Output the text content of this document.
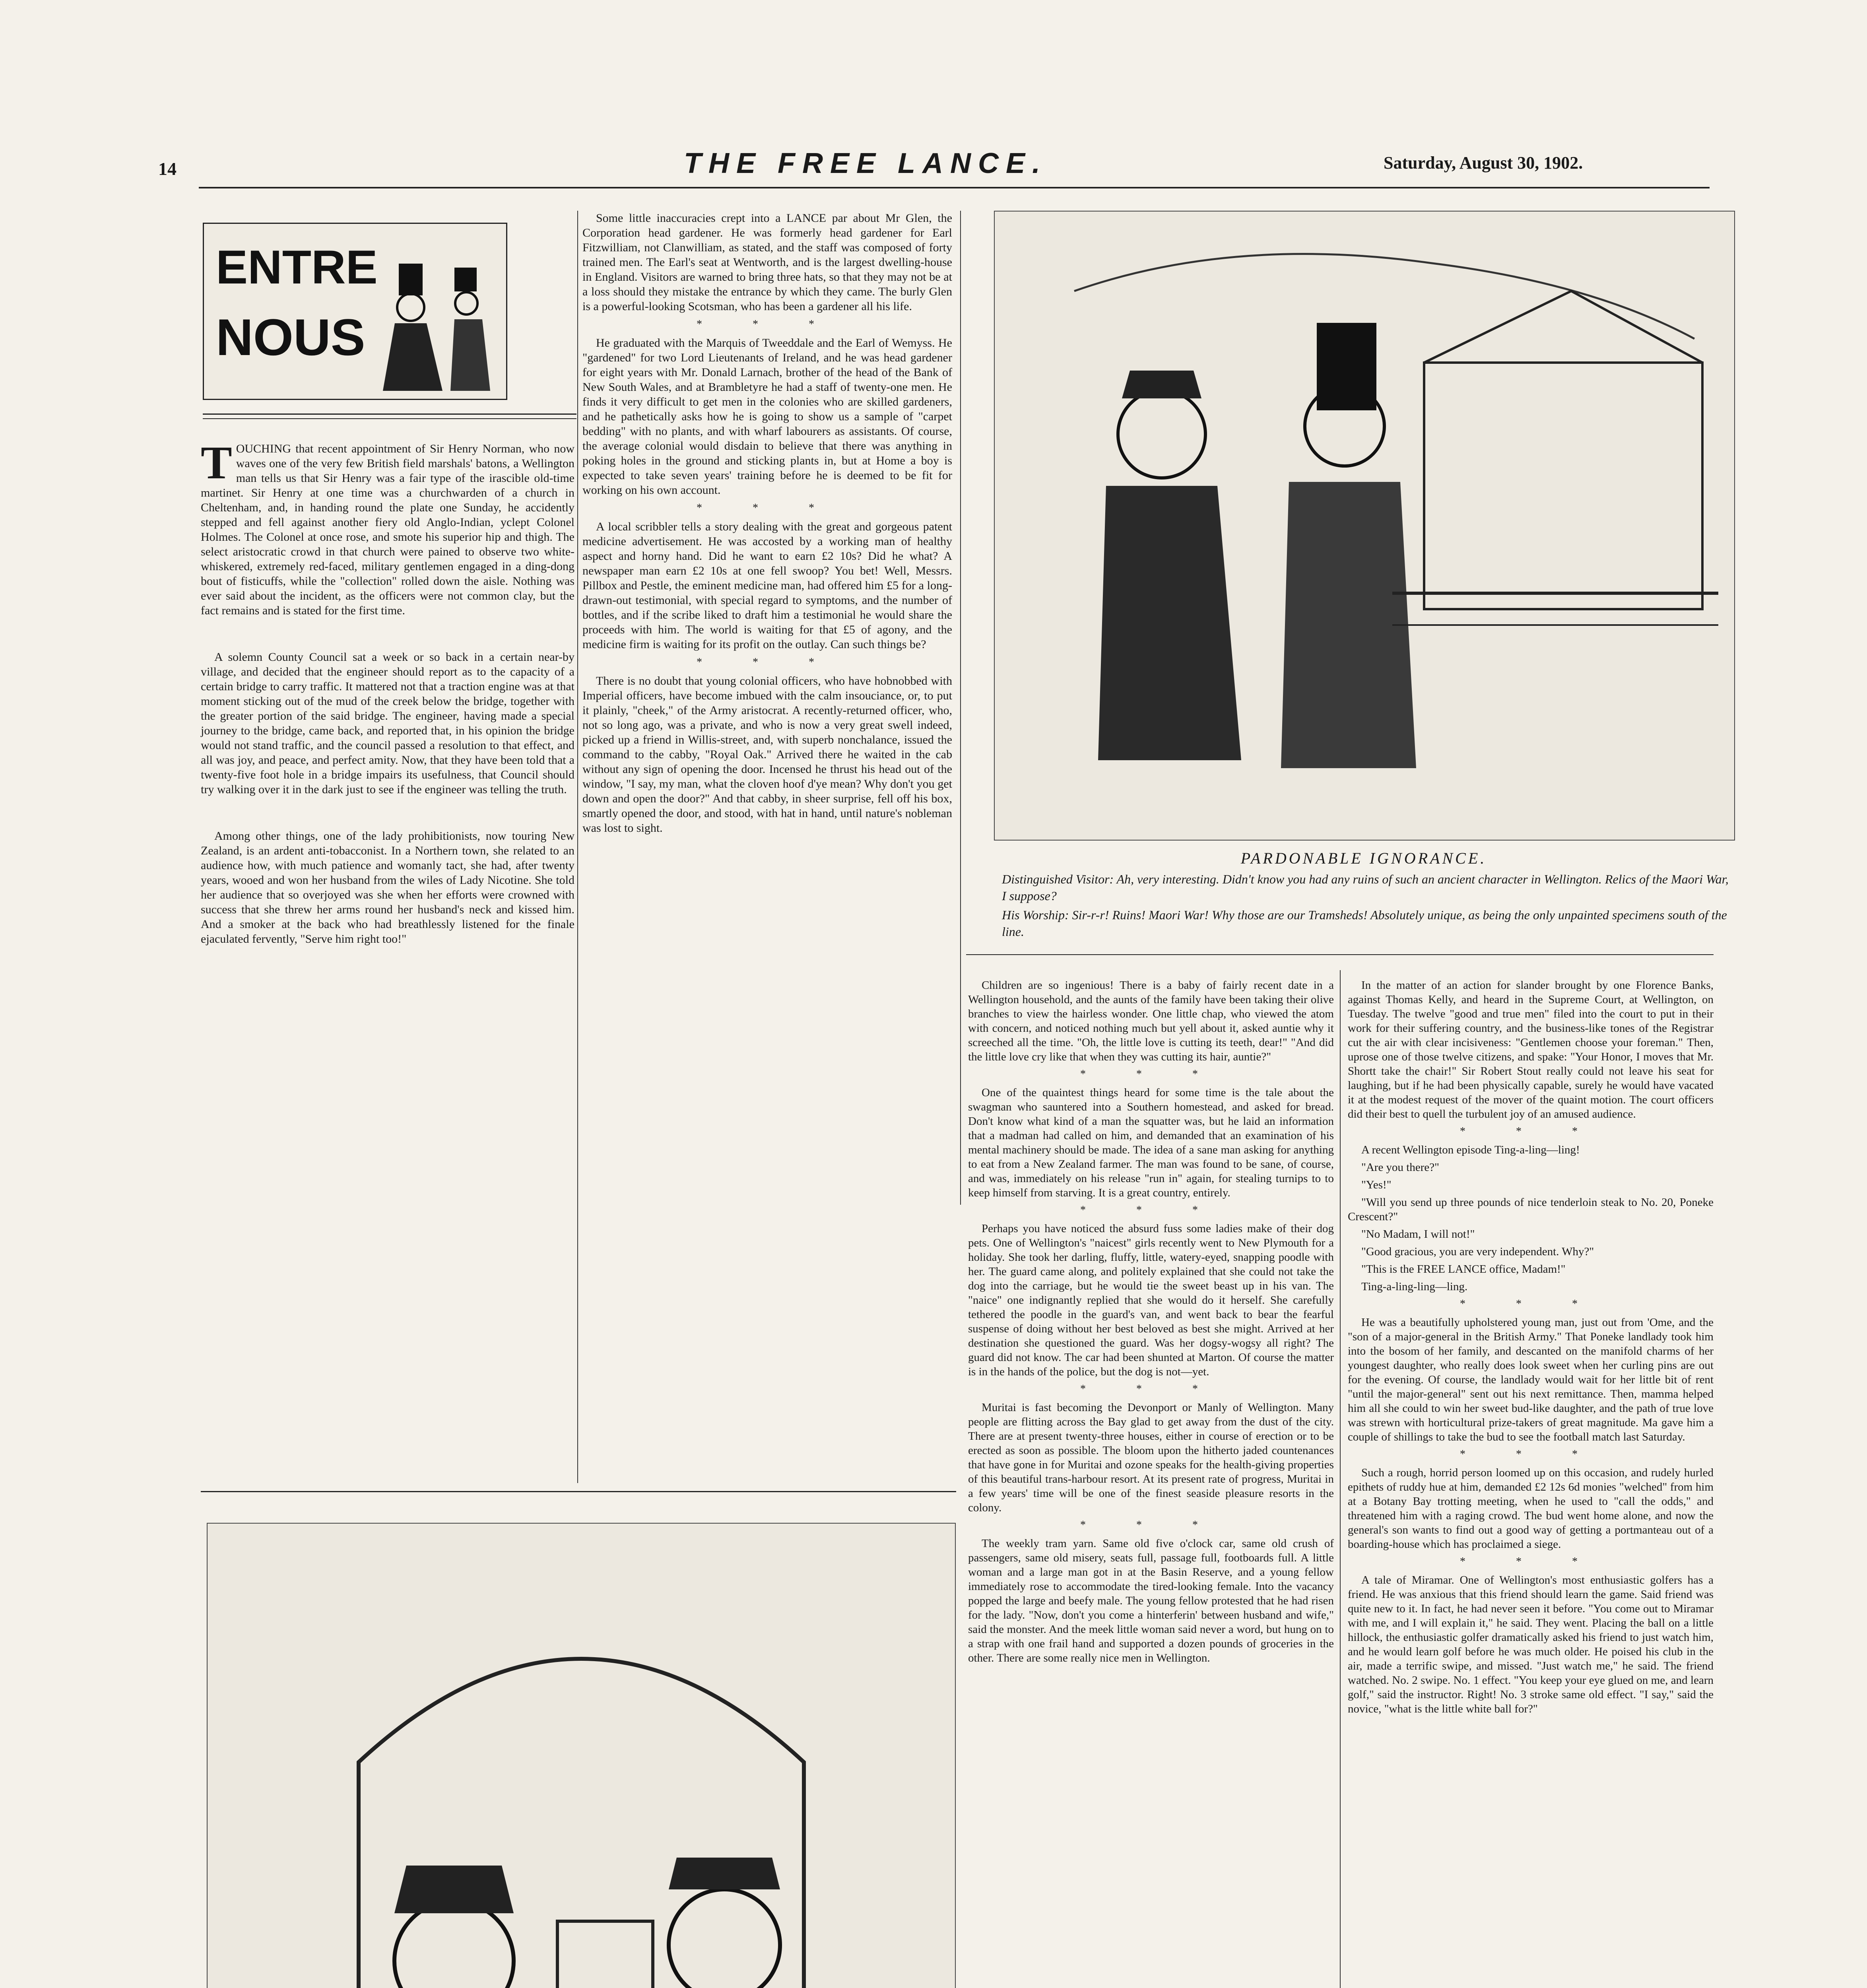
14	THE FREE LANCE.	Saturday, August 30, 1902.
ENTRE
NOUS

TOUCHING that recent appointment of Sir Henry Norman, who now waves one of the very few British field marshals' batons, a Wellington man tells us that Sir Henry was a fair type of the irascible old-time martinet. Sir Henry at one time was a churchwarden of a church in Cheltenham, and, in handing round the plate one Sunday, he accidently stepped and fell against another fiery old Anglo-Indian, yclept Colonel Holmes. The Colonel at once rose, and smote his superior hip and thigh. The select aristocratic crowd in that church were pained to observe two white-whiskered, extremely red-faced, military gentlemen engaged in a ding-dong bout of fisticuffs, while the "collection" rolled down the aisle. Nothing was ever said about the incident, as the officers were not common clay, but the fact remains and is stated for the first time.

A solemn County Council sat a week or so back in a certain near-by village, and decided that the engineer should report as to the capacity of a certain bridge to carry traffic. It mattered not that a traction engine was at that moment sticking out of the mud of the creek below the bridge, together with the greater portion of the said bridge. The engineer, having made a special journey to the bridge, came back, and reported that, in his opinion the bridge would not stand traffic, and the council passed a resolution to that effect, and all was joy, and peace, and perfect amity. Now, that they have been told that a twenty-five foot hole in a bridge impairs its usefulness, that Council should try walking over it in the dark just to see if the engineer was telling the truth.

Among other things, one of the lady prohibitionists, now touring New Zealand, is an ardent anti-tobacconist. In a Northern town, she related to an audience how, with much patience and womanly tact, she had, after twenty years, wooed and won her husband from the wiles of Lady Nicotine. She told her audience that so overjoyed was she when her efforts were crowned with success that she threw her arms round her husband's neck and kissed him. And a smoker at the back who had breathlessly listened for the finale ejaculated fervently, "Serve him right too!"

Some little inaccuracies crept into a LANCE par about Mr Glen, the Corporation head gardener. He was formerly head gardener for Earl Fitzwilliam, not Clanwilliam, as stated, and the staff was composed of forty trained men. The Earl's seat at Wentworth, and is the largest dwelling-house in England. Visitors are warned to bring three hats, so that they may not be at a loss should they mistake the entrance by which they came. The burly Glen is a powerful-looking Scotsman, who has been a gardener all his life.

* * *

He graduated with the Marquis of Tweeddale and the Earl of Wemyss. He "gardened" for two Lord Lieutenants of Ireland, and he was head gardener for eight years with Mr. Donald Larnach, brother of the head of the Bank of New South Wales, and at Brambletyre he had a staff of twenty-one men. He finds it very difficult to get men in the colonies who are skilled gardeners, and he pathetically asks how he is going to show us a sample of "carpet bedding" with no plants, and with wharf labourers as assistants. Of course, the average colonial would disdain to believe that there was anything in poking holes in the ground and sticking plants in, but at Home a boy is expected to take seven years' training before he is deemed to be fit for working on his own account.

* * *

A local scribbler tells a story dealing with the great and gorgeous patent medicine advertisement. He was accosted by a working man of healthy aspect and horny hand. Did he want to earn £2 10s? Did he what? A newspaper man earn £2 10s at one fell swoop? You bet! Well, Messrs. Pillbox and Pestle, the eminent medicine man, had offered him £5 for a long-drawn-out testimonial, with special regard to symptoms, and the number of bottles, and if the scribe liked to draft him a testimonial he would share the proceeds with him. The world is waiting for that £5 of agony, and the medicine firm is waiting for its profit on the outlay. Can such things be?

* * *

There is no doubt that young colonial officers, who have hobnobbed with Imperial officers, have become imbued with the calm insouciance, or, to put it plainly, "cheek," of the Army aristocrat. A recently-returned officer, who, not so long ago, was a private, and who is now a very great swell indeed, picked up a friend in Willis-street, and, with superb nonchalance, issued the command to the cabby, "Royal Oak." Arrived there he waited in the cab without any sign of opening the door. Incensed he thrust his head out of the window, "I say, my man, what the cloven hoof d'ye mean? Why don't you get down and open the door?" And that cabby, in sheer surprise, fell off his box, smartly opened the door, and stood, with hat in hand, until nature's nobleman was lost to sight.

PARDONABLE IGNORANCE.
Distinguished Visitor: Ah, very interesting. Didn't know you had any ruins of such an ancient character in Wellington. Relics of the Maori War, I suppose?
His Worship: Sir-r-r! Ruins! Maori War! Why those are our Tramsheds! Absolutely unique, as being the only unpainted specimens south of the line.

Children are so ingenious! There is a baby of fairly recent date in a Wellington household, and the aunts of the family have been taking their olive branches to view the hairless wonder. One little chap, who viewed the atom with concern, and noticed nothing much but yell about it, asked auntie why it screeched all the time. "Oh, the little love is cutting its teeth, dear!" "And did the little love cry like that when they was cutting its hair, auntie?"

* * *

One of the quaintest things heard for some time is the tale about the swagman who sauntered into a Southern homestead, and asked for bread. Don't know what kind of a man the squatter was, but he laid an information that a madman had called on him, and demanded that an examination of his mental machinery should be made. The idea of a sane man asking for anything to eat from a New Zealand farmer. The man was found to be sane, of course, and was, immediately on his release "run in" again, for stealing turnips to to keep himself from starving. It is a great country, entirely.

* * *

Perhaps you have noticed the absurd fuss some ladies make of their dog pets. One of Wellington's "naicest" girls recently went to New Plymouth for a holiday. She took her darling, fluffy, little, watery-eyed, snapping poodle with her. The guard came along, and politely explained that she could not take the dog into the carriage, but he would tie the sweet beast up in his van. The "naice" one indignantly replied that she would do it herself. She carefully tethered the poodle in the guard's van, and went back to bear the fearful suspense of doing without her best beloved as best she might. Arrived at her destination she questioned the guard. Was her dogsy-wogsy all right? The guard did not know. The car had been shunted at Marton. Of course the matter is in the hands of the police, but the dog is not—yet.

* * *

Muritai is fast becoming the Devonport or Manly of Wellington. Many people are flitting across the Bay glad to get away from the dust of the city. There are at present twenty-three houses, either in course of erection or to be erected as soon as possible. The bloom upon the hitherto jaded countenances that have gone in for Muritai and ozone speaks for the health-giving properties of this beautiful trans-harbour resort. At its present rate of progress, Muritai in a few years' time will be one of the finest seaside pleasure resorts in the colony.

* * *

The weekly tram yarn. Same old five o'clock car, same old crush of passengers, same old misery, seats full, passage full, footboards full. A little woman and a large man got in at the Basin Reserve, and a young fellow immediately rose to accommodate the tired-looking female. Into the vacancy popped the large and beefy male. The young fellow protested that he had risen for the lady. "Now, don't you come a hinterferin' between husband and wife," said the monster. And the meek little woman said never a word, but hung on to a strap with one frail hand and supported a dozen pounds of groceries in the other. There are some really nice men in Wellington.

In the matter of an action for slander brought by one Florence Banks, against Thomas Kelly, and heard in the Supreme Court, at Wellington, on Tuesday. The twelve "good and true men" filed into the court to put in their work for their suffering country, and the business-like tones of the Registrar cut the air with clear incisiveness: "Gentlemen choose your foreman." Then, uprose one of those twelve citizens, and spake: "Your Honor, I moves that Mr. Shortt take the chair!" Sir Robert Stout really could not leave his seat for laughing, but if he had been physically capable, surely he would have vacated it at the modest request of the mover of the quaint motion. The court officers did their best to quell the turbulent joy of an amused audience.

* * *

A recent Wellington episode Ting-a-ling—ling!

"Are you there?"

"Yes!"

"Will you send up three pounds of nice tenderloin steak to No. 20, Poneke Crescent?"

"No Madam, I will not!"

"Good gracious, you are very independent. Why?"

"This is the FREE LANCE office, Madam!"

Ting-a-ling-ling—ling.

* * *

He was a beautifully upholstered young man, just out from 'Ome, and the "son of a major-general in the British Army." That Poneke landlady took him into the bosom of her family, and descanted on the manifold charms of her youngest daughter, who really does look sweet when her curling pins are out for the evening. Of course, the landlady would wait for her little bit of rent "until the major-general" sent out his next remittance. Then, mamma helped him all she could to win her sweet bud-like daughter, and the path of true love was strewn with horticultural prize-takers of great magnitude. Ma gave him a couple of shillings to take the bud to see the football match last Saturday.

* * *

Such a rough, horrid person loomed up on this occasion, and rudely hurled epithets of ruddy hue at him, demanded £2 12s 6d monies "welched" from him at a Botany Bay trotting meeting, when he used to "call the odds," and threatened him with a raging crowd. The bud went home alone, and now the general's son wants to find out a good way of getting a portmanteau out of a boarding-house which has proclaimed a siege.

* * *

A tale of Miramar. One of Wellington's most enthusiastic golfers has a friend. He was anxious that this friend should learn the game. Said friend was quite new to it. In fact, he had never seen it before. "You come out to Miramar with me, and I will explain it," he said. They went. Placing the ball on a little hillock, the enthusiastic golfer dramatically asked his friend to just watch him, and he would learn golf before he was much older. He poised his club in the air, made a terrific swipe, and missed. "Just watch me," he said. The friend watched. No. 2 swipe. No. 1 effect. "You keep your eye glued on me, and learn golf," said the instructor. Right! No. 3 stroke same old effect. "I say," said the novice, "what is the little white ball for?"
